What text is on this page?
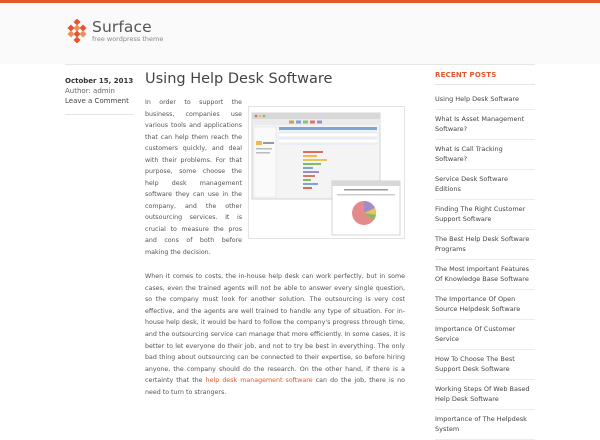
Surface
free wordpress theme
October 15, 2013
Author: admin
Leave a Comment
Using Help Desk Software

In order to support the business, companies use various tools and applications that can help them reach the customers quickly, and deal with their problems. For that purpose, some choose the help desk management software they can use in the company, and the other outsourcing services. It is crucial to measure the pros and cons of both before making the decision.

When it comes to costs, the in-house help desk can work perfectly, but in some cases, even the trained agents will not be able to answer every single question, so the company must look for another solution. The outsourcing is very cost effective, and the agents are well trained to handle any type of situation. For in-house help desk, it would be hard to follow the company's progress through time, and the outsourcing service can manage that more efficiently. In some cases, it is better to let everyone do their job, and not to try be best in everything. The only bad thing about outsourcing can be connected to their expertise, so before hiring anyone, the company should do the research. On the other hand, if there is a certainty that the help desk management software can do the job, there is no need to turn to strangers.

RECENT POSTS
Using Help Desk Software
What Is Asset Management Software?
What Is Call Tracking Software?
Service Desk Software Editions
Finding The Right Customer Support Software
The Best Help Desk Software Programs
The Most Important Features Of Knowledge Base Software
The Importance Of Open Source Helpdesk Software
Importance Of Customer Service
How To Choose The Best Support Desk Software
Working Steps Of Web Based Help Desk Software
Importance of The Helpdesk System
